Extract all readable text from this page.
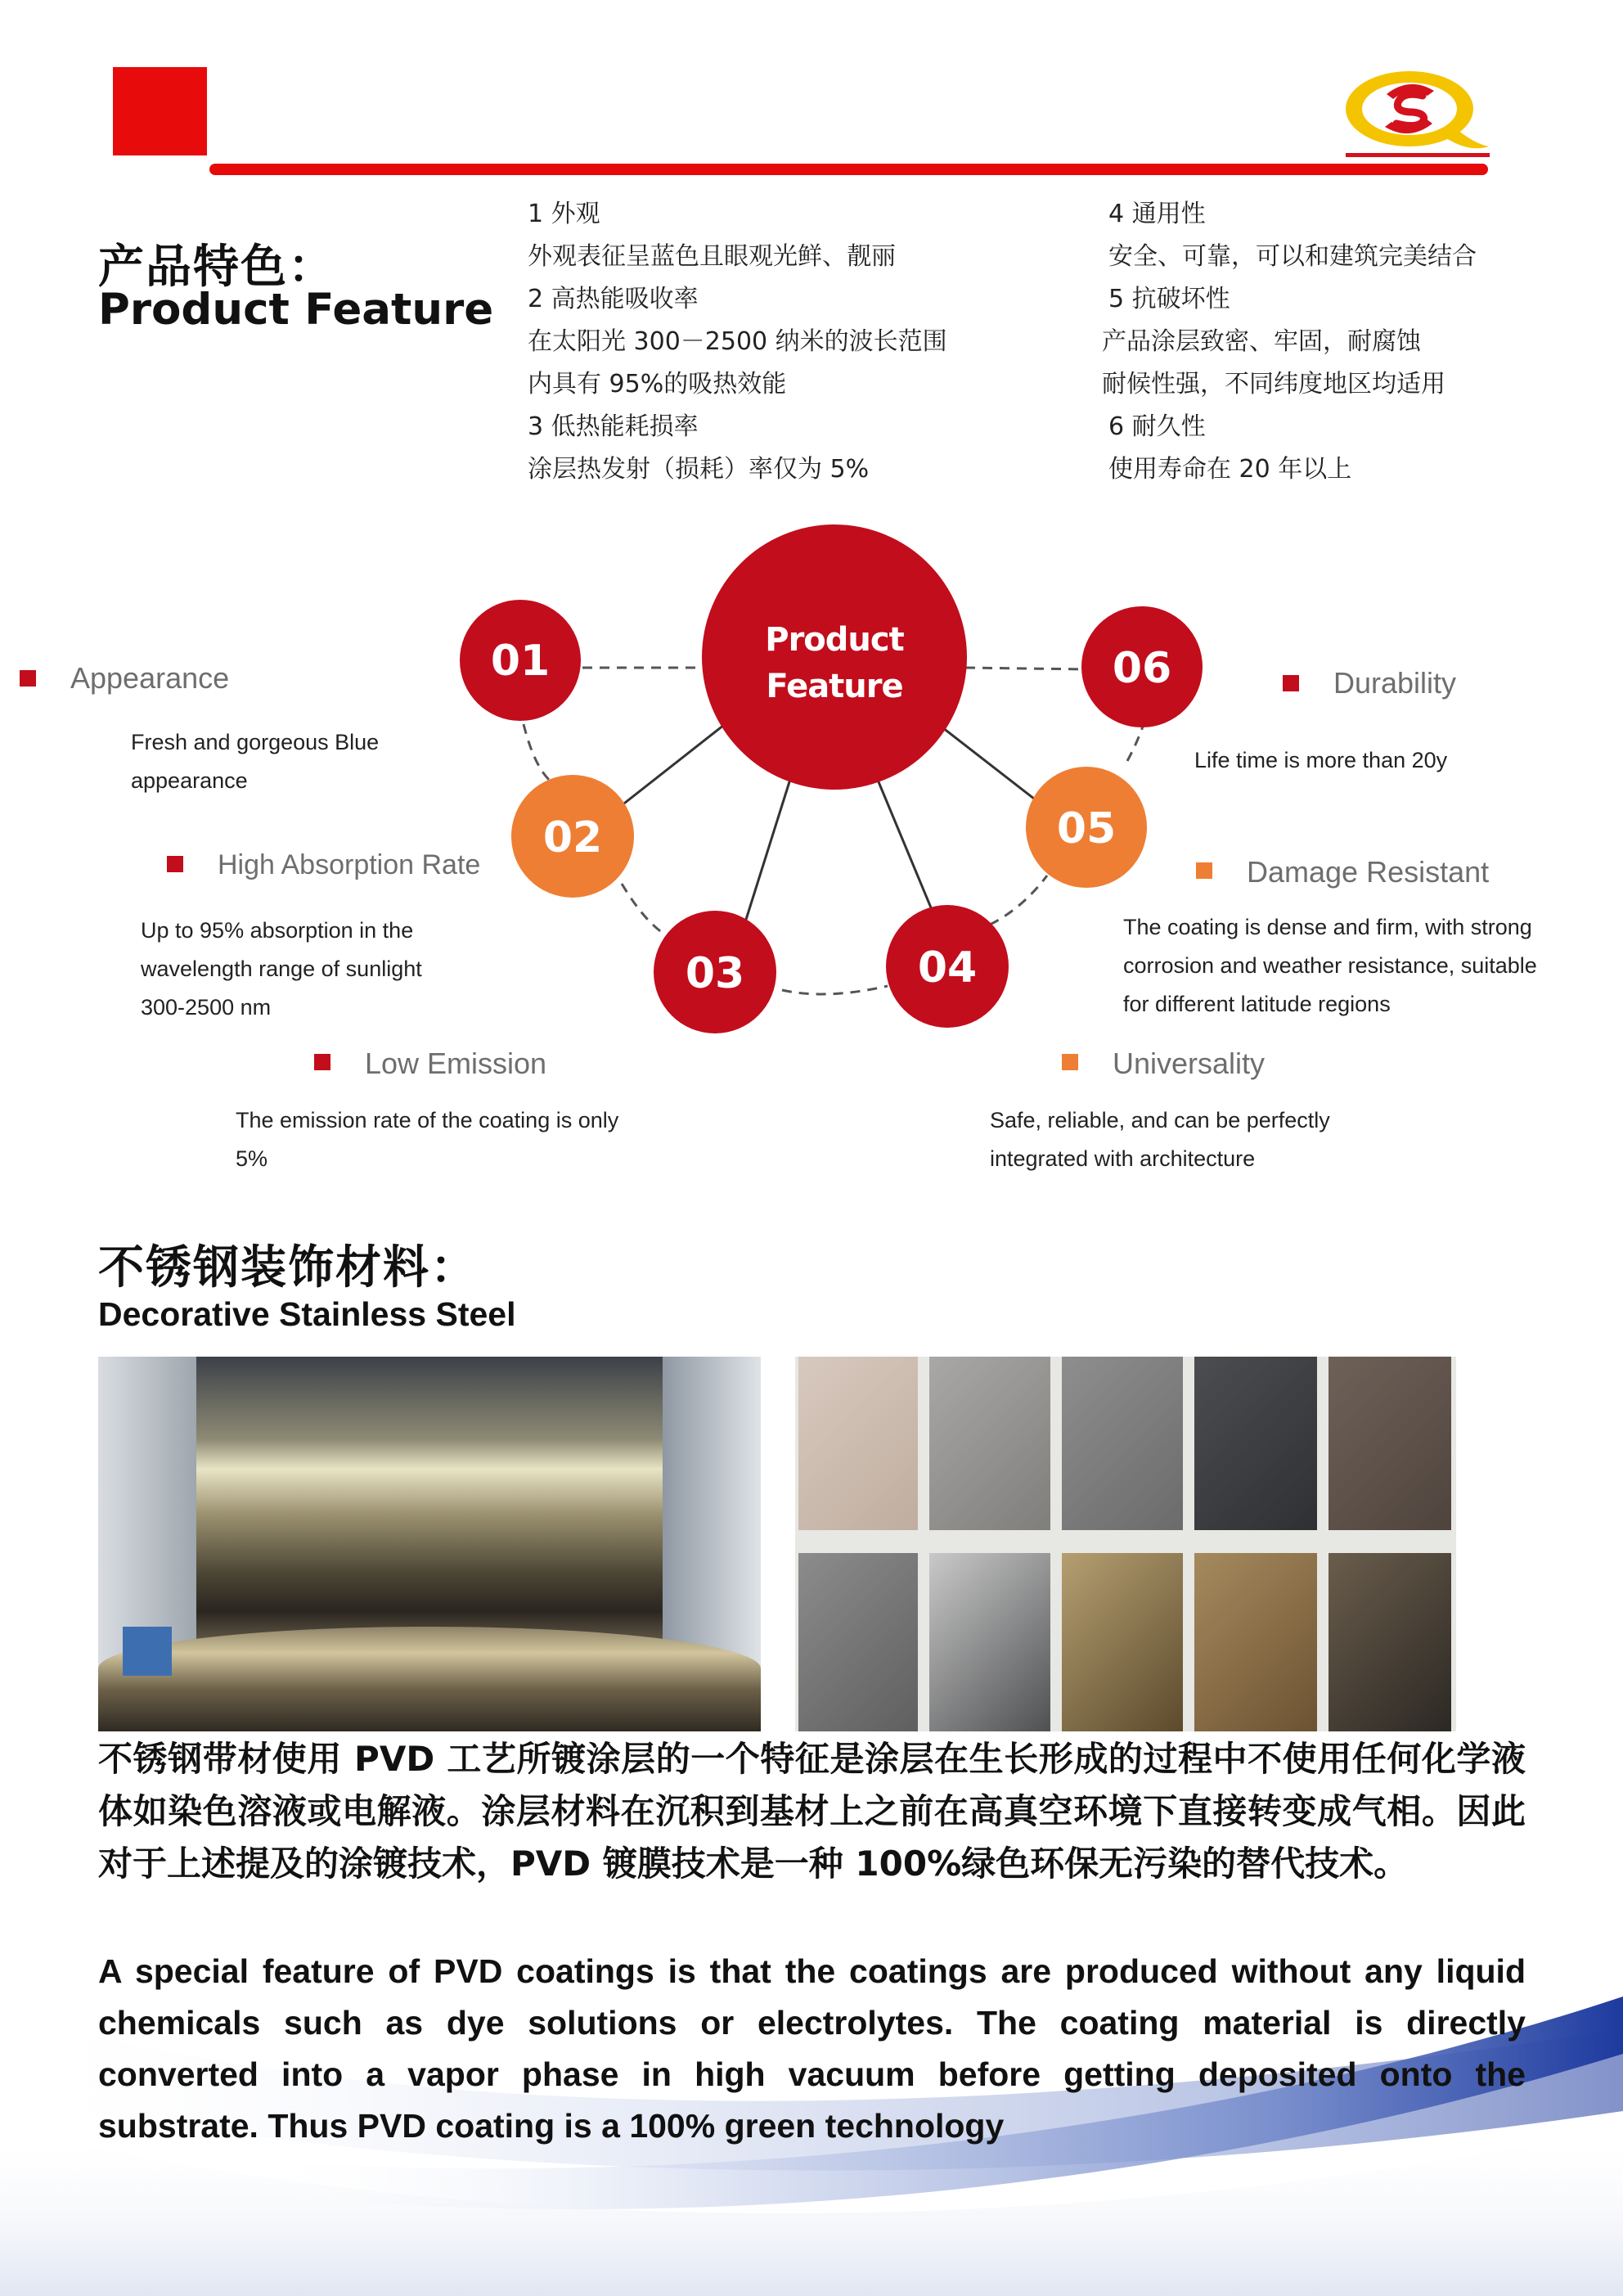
产品特色：
Product Feature
1 外观
外观表征呈蓝色且眼观光鲜、靓丽
2 高热能吸收率
在太阳光 300－2500 纳米的波长范围
内具有 95%的吸热效能
3 低热能耗损率
涂层热发射（损耗）率仅为 5%
4 通用性
安全、可靠，可以和建筑完美结合
5 抗破坏性
产品涂层致密、牢固，耐腐蚀
耐候性强，不同纬度地区均适用
6 耐久性
使用寿命在 20 年以上
Product
Feature
01
02
03	04
05
06
Appearance
Fresh and gorgeous Blue
appearance
High Absorption Rate
Up to 95% absorption in the
wavelength range of sunlight
300-2500 nm
Low Emission
The emission rate of the coating is only
5%
Universality
Safe, reliable, and can be perfectly
integrated with architecture
Damage Resistant
The coating is dense and firm, with strong
corrosion and weather resistance, suitable
for different latitude regions
Durability
Life time is more than 20y
不锈钢装饰材料：
Decorative Stainless Steel
不锈钢带材使用 PVD 工艺所镀涂层的一个特征是涂层在生长形成的过程中不使用任何化学液体如染色溶液或电解液。涂层材料在沉积到基材上之前在高真空环境下直接转变成气相。因此对于上述提及的涂镀技术，PVD 镀膜技术是一种 100%绿色环保无污染的替代技术。
A special feature of PVD coatings is that the coatings are produced without any liquid chemicals such as dye solutions or electrolytes. The coating material is directly converted into a vapor phase in high vacuum before getting deposited onto the substrate. Thus PVD coating is a 100% green technology
